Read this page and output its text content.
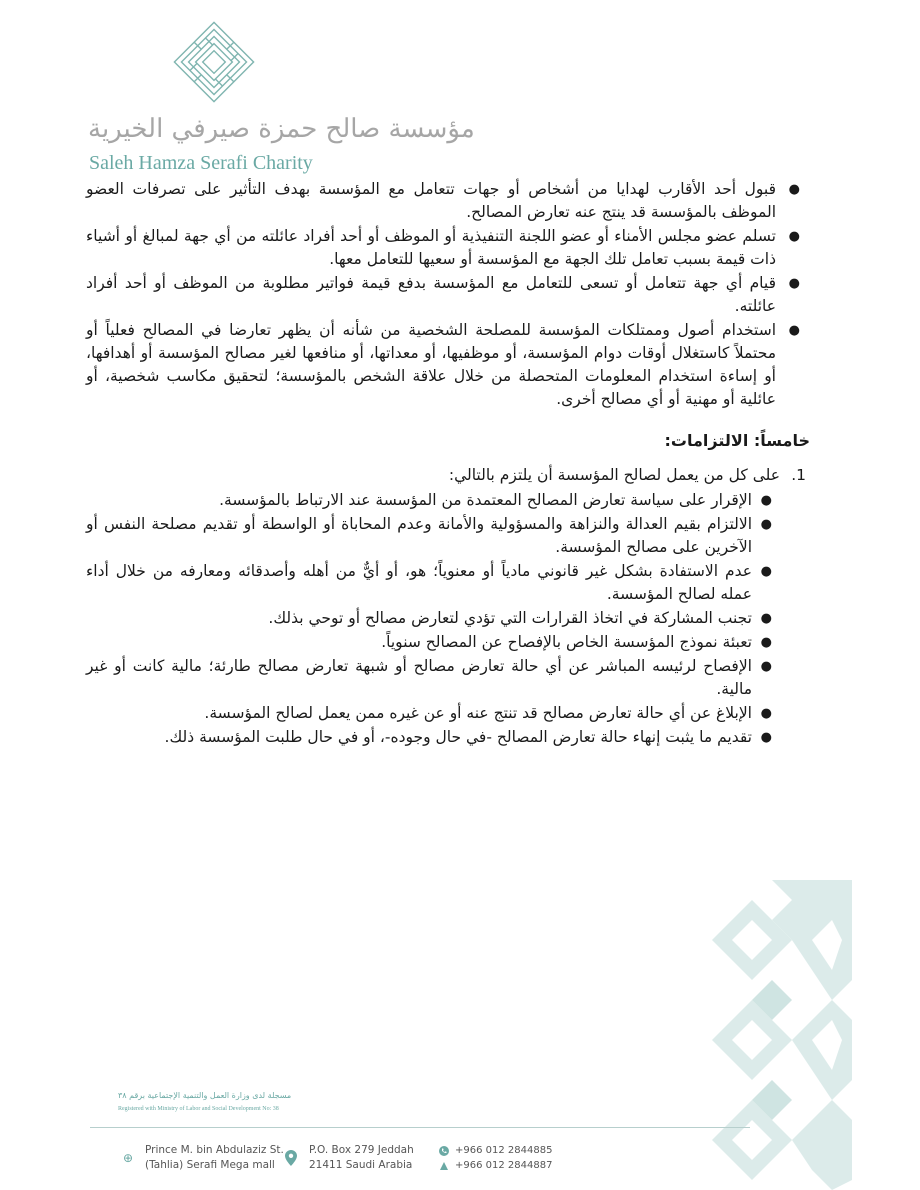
مؤسسة صالح حمزة صيرفي الخيرية
Saleh Hamza Serafi Charity
●
قبول أحد الأقارب لهدايا من أشخاص أو جهات تتعامل مع المؤسسة بهدف التأثير على تصرفات العضو الموظف بالمؤسسة قد ينتج عنه تعارض المصالح.
●
تسلم عضو مجلس الأمناء أو عضو اللجنة التنفيذية أو الموظف أو أحد أفراد عائلته من أي جهة لمبالغ أو أشياء ذات قيمة بسبب تعامل تلك الجهة مع المؤسسة أو سعيها للتعامل معها.
●
قيام أي جهة تتعامل أو تسعى للتعامل مع المؤسسة بدفع قيمة فواتير مطلوبة من الموظف أو أحد أفراد عائلته.
●
استخدام أصول وممتلكات المؤسسة للمصلحة الشخصية من شأنه أن يظهر تعارضا في المصالح فعلياً أو محتملاً كاستغلال أوقات دوام المؤسسة، أو موظفيها، أو معداتها، أو منافعها لغير مصالح المؤسسة أو أهدافها، أو إساءة استخدام المعلومات المتحصلة من خلال علاقة الشخص بالمؤسسة؛ لتحقيق مكاسب شخصية، أو عائلية أو مهنية أو أي مصالح أخرى.
خامساً: الالتزامات:
1.
على كل من يعمل لصالح المؤسسة أن يلتزم بالتالي:
●
الإقرار على سياسة تعارض المصالح المعتمدة من المؤسسة عند الارتباط بالمؤسسة.
●
الالتزام بقيم العدالة والنزاهة والمسؤولية والأمانة وعدم المحاباة أو الواسطة أو تقديم مصلحة النفس أو الآخرين على مصالح المؤسسة.
●
عدم الاستفادة بشكل غير قانوني مادياً أو معنوياً؛ هو، أو أيٌّ من أهله وأصدقائه ومعارفه من خلال أداء عمله لصالح المؤسسة.
●
تجنب المشاركة في اتخاذ القرارات التي تؤدي لتعارض مصالح أو توحي بذلك.
●
تعبئة نموذج المؤسسة الخاص بالإفصاح عن المصالح سنوياً.
●
الإفصاح لرئيسه المباشر عن أي حالة تعارض مصالح أو شبهة تعارض مصالح طارئة؛ مالية كانت أو غير مالية.
●
الإبلاغ عن أي حالة تعارض مصالح قد تنتج عنه أو عن غيره ممن يعمل لصالح المؤسسة.
●
تقديم ما يثبت إنهاء حالة تعارض المصالح -في حال وجوده-، أو في حال طلبت المؤسسة ذلك.
مسجلة لدى وزارة العمل والتنمية الإجتماعية برقم ٣٨
Registered with Ministry of Labor and Social Development No: 38
⊕
Prince M. bin Abdulaziz St.
(Tahlia) Serafi Mega mall
P.O. Box 279 Jeddah
21411 Saudi Arabia
+966 012 2844885
+966 012 2844887
